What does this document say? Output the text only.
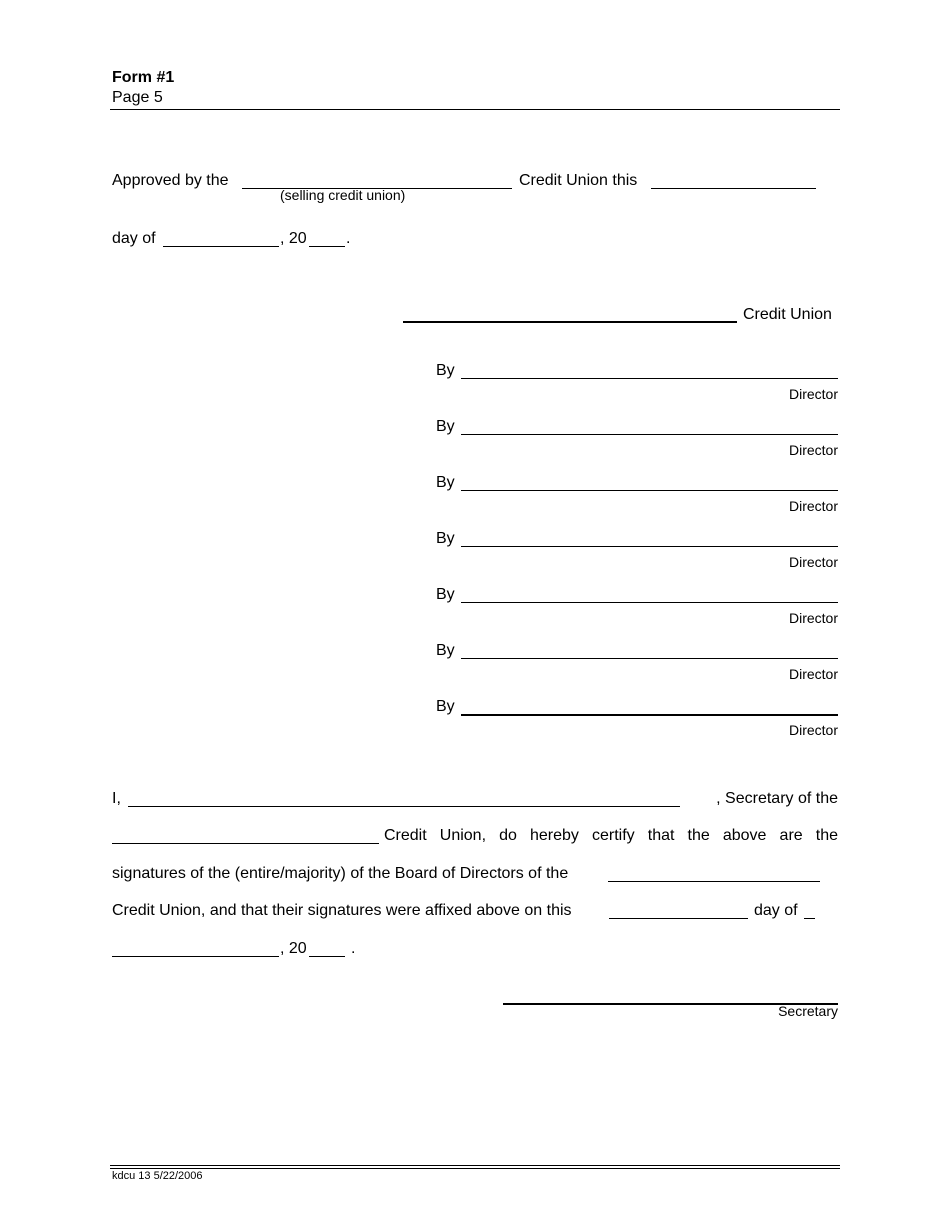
Form #1
Page 5
Approved by the
(selling credit union)
Credit Union this
day of	, 20 .
Credit Union
By
Director
By
Director
By
Director
By
Director
By
Director
By
Director
By
Director
I,	, Secretary of the
Credit Union, do hereby certify that the above are the
signatures of the (entire/majority) of the Board of Directors of the
Credit Union, and that their signatures were affixed above on this	day of
, 20	.
Secretary
kdcu 13 5/22/2006
